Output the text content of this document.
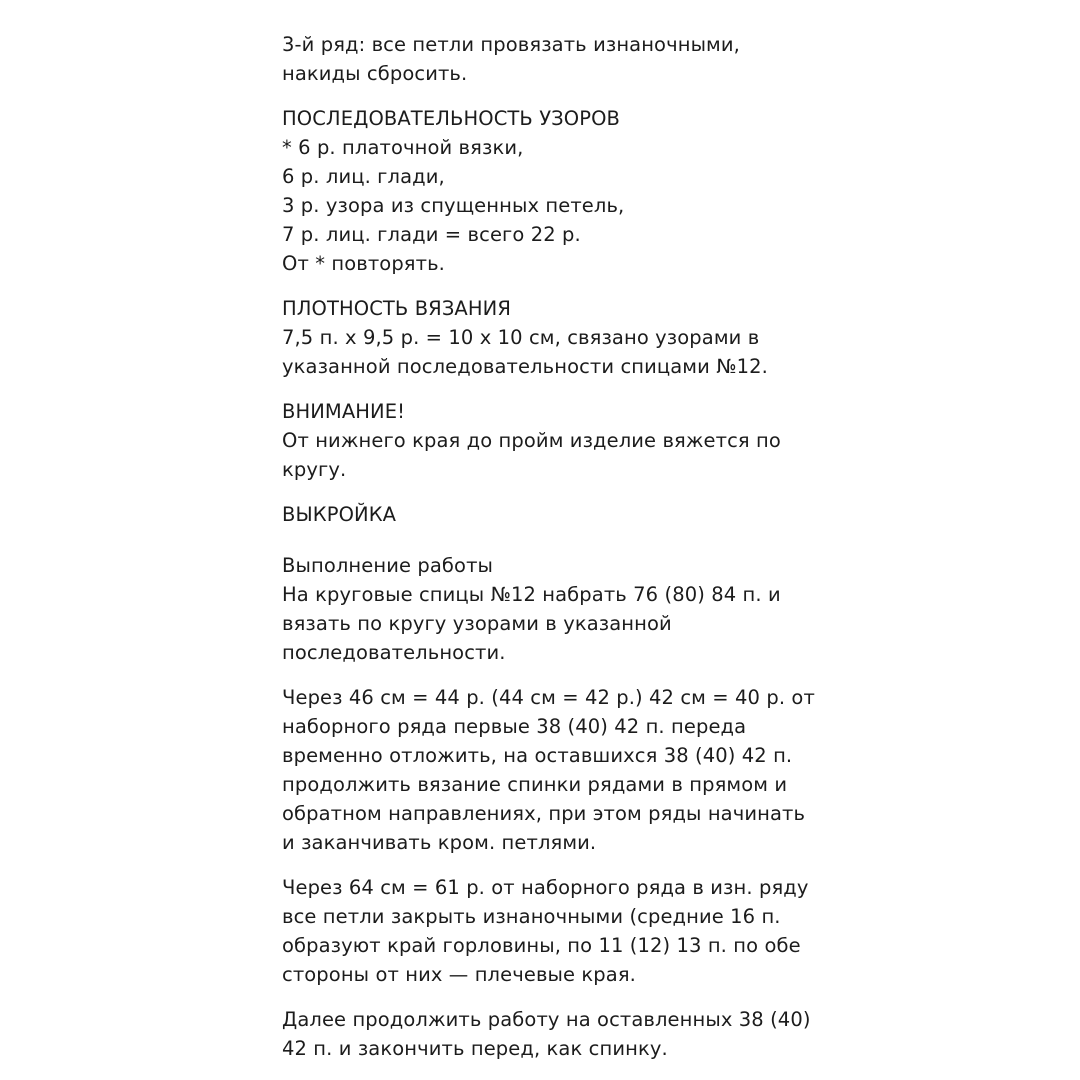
3-й ряд: все петли провязать изнаночными,
накиды сбросить.
ПОСЛЕДОВАТЕЛЬНОСТЬ УЗОРОВ
* 6 р. платочной вязки,
6 р. лиц. глади,
3 р. узора из спущенных петель,
7 р. лиц. глади = всего 22 р.
От * повторять.
ПЛОТНОСТЬ ВЯЗАНИЯ
7,5 п. х 9,5 р. = 10 х 10 см, связано узорами в
указанной последовательности спицами №12.
ВНИМАНИЕ!
От нижнего края до пройм изделие вяжется по
кругу.
ВЫКРОЙКА
Выполнение работы
На круговые спицы №12 набрать 76 (80) 84 п. и
вязать по кругу узорами в указанной
последовательности.
Через 46 см = 44 р. (44 см = 42 р.) 42 см = 40 р. от
наборного ряда первые 38 (40) 42 п. переда
временно отложить, на оставшихся 38 (40) 42 п.
продолжить вязание спинки рядами в прямом и
обратном направлениях, при этом ряды начинать
и заканчивать кром. петлями.
Через 64 см = 61 р. от наборного ряда в изн. ряду
все петли закрыть изнаночными (средние 16 п.
образуют край горловины, по 11 (12) 13 п. по обе
стороны от них — плечевые края.
Далее продолжить работу на оставленных 38 (40)
42 п. и закончить перед, как спинку.
